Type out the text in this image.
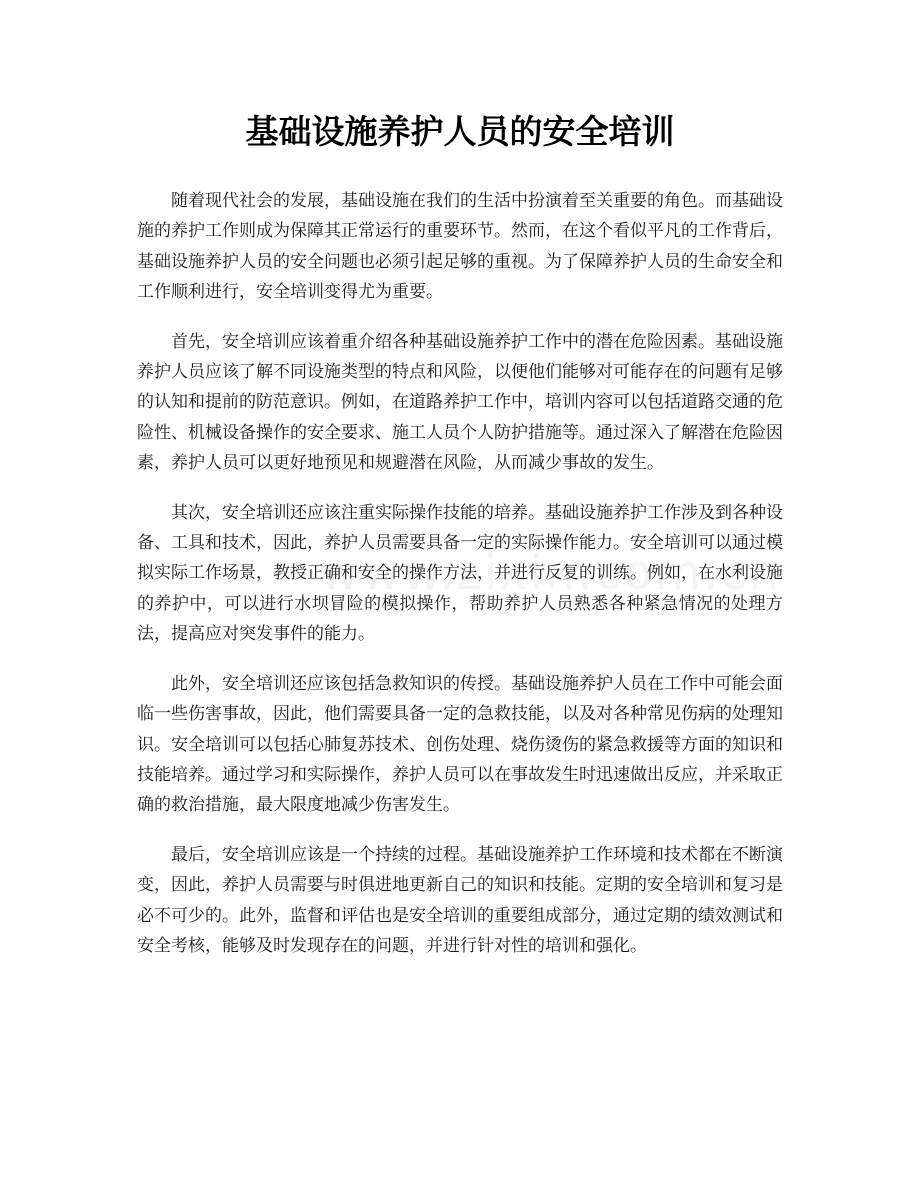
基础设施养护人员的安全培训

随着现代社会的发展，基础设施在我们的生活中扮演着至关重要的角色。而基础设施的养护工作则成为保障其正常运行的重要环节。然而，在这个看似平凡的工作背后，基础设施养护人员的安全问题也必须引起足够的重视。为了保障养护人员的生命安全和工作顺利进行，安全培训变得尤为重要。

首先，安全培训应该着重介绍各种基础设施养护工作中的潜在危险因素。基础设施养护人员应该了解不同设施类型的特点和风险，以便他们能够对可能存在的问题有足够的认知和提前的防范意识。例如，在道路养护工作中，培训内容可以包括道路交通的危险性、机械设备操作的安全要求、施工人员个人防护措施等。通过深入了解潜在危险因素，养护人员可以更好地预见和规避潜在风险，从而减少事故的发生。

其次，安全培训还应该注重实际操作技能的培养。基础设施养护工作涉及到各种设备、工具和技术，因此，养护人员需要具备一定的实际操作能力。安全培训可以通过模拟实际工作场景，教授正确和安全的操作方法，并进行反复的训练。例如，在水利设施的养护中，可以进行水坝冒险的模拟操作，帮助养护人员熟悉各种紧急情况的处理方法，提高应对突发事件的能力。

此外，安全培训还应该包括急救知识的传授。基础设施养护人员在工作中可能会面临一些伤害事故，因此，他们需要具备一定的急救技能，以及对各种常见伤病的处理知识。安全培训可以包括心肺复苏技术、创伤处理、烧伤烫伤的紧急救援等方面的知识和技能培养。通过学习和实际操作，养护人员可以在事故发生时迅速做出反应，并采取正确的救治措施，最大限度地减少伤害发生。

最后，安全培训应该是一个持续的过程。基础设施养护工作环境和技术都在不断演变，因此，养护人员需要与时俱进地更新自己的知识和技能。定期的安全培训和复习是必不可少的。此外，监督和评估也是安全培训的重要组成部分，通过定期的绩效测试和安全考核，能够及时发现存在的问题，并进行针对性的培训和强化。
